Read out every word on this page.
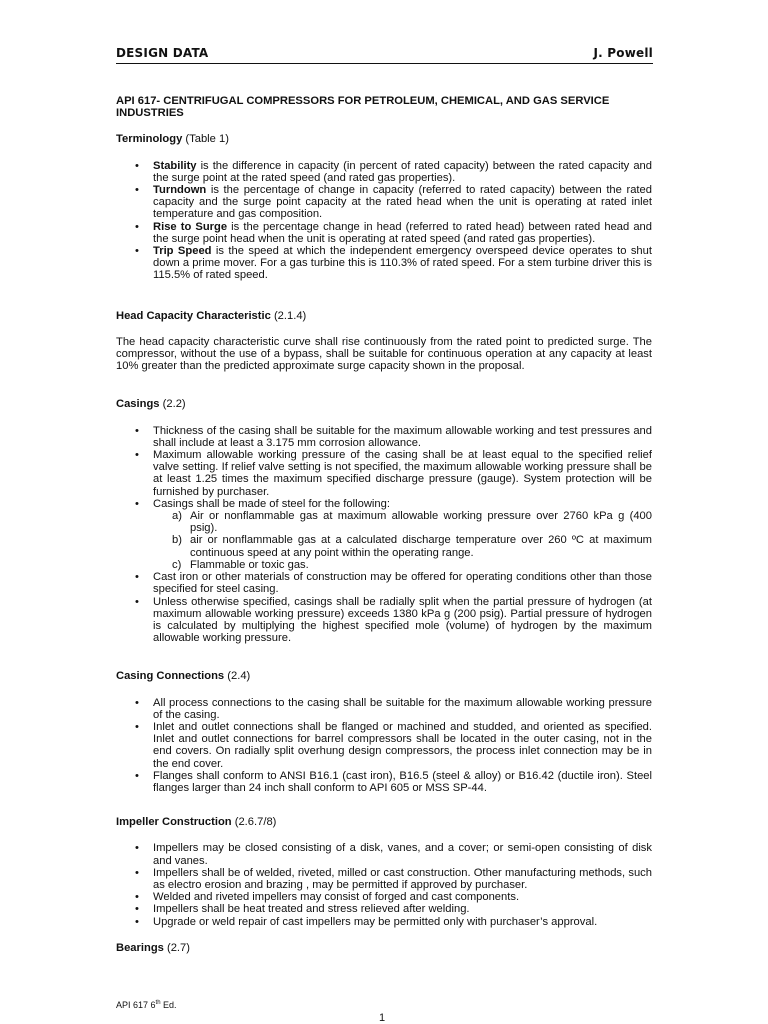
DESIGN DATA	J. Powell

API 617- CENTRIFUGAL COMPRESSORS FOR PETROLEUM, CHEMICAL, AND GAS SERVICE INDUSTRIES

Terminology (Table 1)

• Stability is the difference in capacity (in percent of rated capacity) between the rated capacity and the surge point at the rated speed (and rated gas properties).
• Turndown is the percentage of change in capacity (referred to rated capacity) between the rated capacity and the surge point capacity at the rated head when the unit is operating at rated inlet temperature and gas composition.
• Rise to Surge is the percentage change in head (referred to rated head) between rated head and the surge point head when the unit is operating at rated speed (and rated gas properties).
• Trip Speed is the speed at which the independent emergency overspeed device operates to shut down a prime mover. For a gas turbine this is 110.3% of rated speed. For a stem turbine driver this is 115.5% of rated speed.

Head Capacity Characteristic (2.1.4)

The head capacity characteristic curve shall rise continuously from the rated point to predicted surge. The compressor, without the use of a bypass, shall be suitable for continuous operation at any capacity at least 10% greater than the predicted approximate surge capacity shown in the proposal.

Casings (2.2)

• Thickness of the casing shall be suitable for the maximum allowable working and test pressures and shall include at least a 3.175 mm corrosion allowance.
• Maximum allowable working pressure of the casing shall be at least equal to the specified relief valve setting. If relief valve setting is not specified, the maximum allowable working pressure shall be at least 1.25 times the maximum specified discharge pressure (gauge). System protection will be furnished by purchaser.
• Casings shall be made of steel for the following:
a) Air or nonflammable gas at maximum allowable working pressure over 2760 kPa g (400 psig).
b) air or nonflammable gas at a calculated discharge temperature over 260 ºC at maximum continuous speed at any point within the operating range.
c) Flammable or toxic gas.
• Cast iron or other materials of construction may be offered for operating conditions other than those specified for steel casing.
• Unless otherwise specified, casings shall be radially split when the partial pressure of hydrogen (at maximum allowable working pressure) exceeds 1380 kPa g (200 psig). Partial pressure of hydrogen is calculated by multiplying the highest specified mole (volume) of hydrogen by the maximum allowable working pressure.

Casing Connections (2.4)

• All process connections to the casing shall be suitable for the maximum allowable working pressure of the casing.
• Inlet and outlet connections shall be flanged or machined and studded, and oriented as specified. Inlet and outlet connections for barrel compressors shall be located in the outer casing, not in the end covers. On radially split overhung design compressors, the process inlet connection may be in the end cover.
• Flanges shall conform to ANSI B16.1 (cast iron), B16.5 (steel & alloy) or B16.42 (ductile iron). Steel flanges larger than 24 inch shall conform to API 605 or MSS SP-44.

Impeller Construction (2.6.7/8)

• Impellers may be closed consisting of a disk, vanes, and a cover; or semi-open consisting of disk and vanes.
• Impellers shall be of welded, riveted, milled or cast construction. Other manufacturing methods, such as electro erosion and brazing , may be permitted if approved by purchaser.
• Welded and riveted impellers may consist of forged and cast components.
• Impellers shall be heat treated and stress relieved after welding.
• Upgrade or weld repair of cast impellers may be permitted only with purchaser’s approval.

Bearings (2.7)

API 617 6th Ed.
1
